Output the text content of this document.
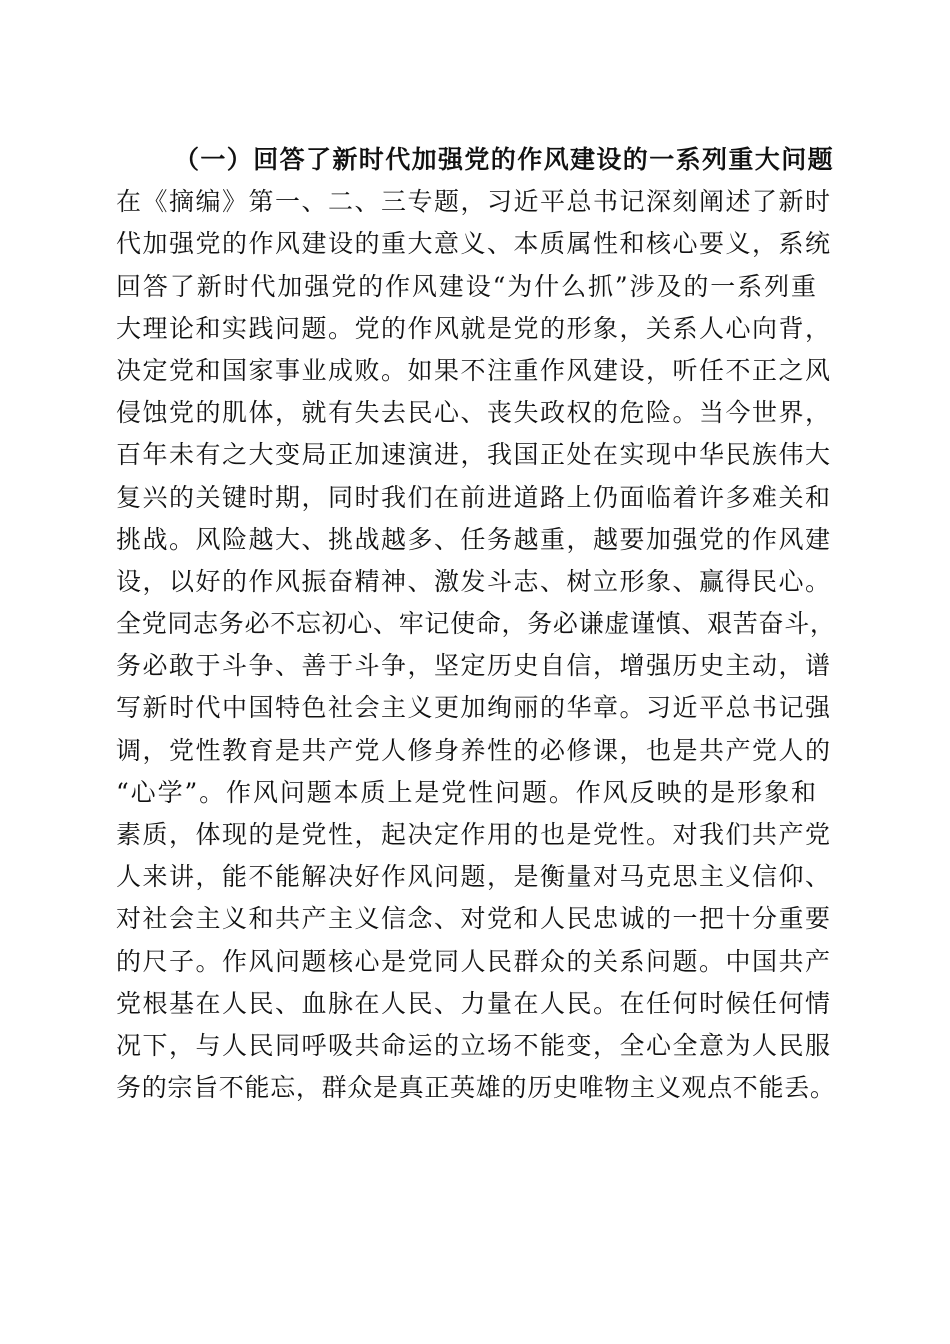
（一）回答了新时代加强党的作风建设的一系列重大问题
在《摘编》第一、二、三专题，习近平总书记深刻阐述了新时
代加强党的作风建设的重大意义、本质属性和核心要义，系统
回答了新时代加强党的作风建设“为什么抓”涉及的一系列重
大理论和实践问题。党的作风就是党的形象，关系人心向背，
决定党和国家事业成败。如果不注重作风建设，听任不正之风
侵蚀党的肌体，就有失去民心、丧失政权的危险。当今世界，
百年未有之大变局正加速演进，我国正处在实现中华民族伟大
复兴的关键时期，同时我们在前进道路上仍面临着许多难关和
挑战。风险越大、挑战越多、任务越重，越要加强党的作风建
设，以好的作风振奋精神、激发斗志、树立形象、赢得民心。
全党同志务必不忘初心、牢记使命，务必谦虚谨慎、艰苦奋斗，
务必敢于斗争、善于斗争，坚定历史自信，增强历史主动，谱
写新时代中国特色社会主义更加绚丽的华章。习近平总书记强
调，党性教育是共产党人修身养性的必修课，也是共产党人的
“心学”。作风问题本质上是党性问题。作风反映的是形象和
素质，体现的是党性，起决定作用的也是党性。对我们共产党
人来讲，能不能解决好作风问题，是衡量对马克思主义信仰、
对社会主义和共产主义信念、对党和人民忠诚的一把十分重要
的尺子。作风问题核心是党同人民群众的关系问题。中国共产
党根基在人民、血脉在人民、力量在人民。在任何时候任何情
况下，与人民同呼吸共命运的立场不能变，全心全意为人民服
务的宗旨不能忘，群众是真正英雄的历史唯物主义观点不能丢。
